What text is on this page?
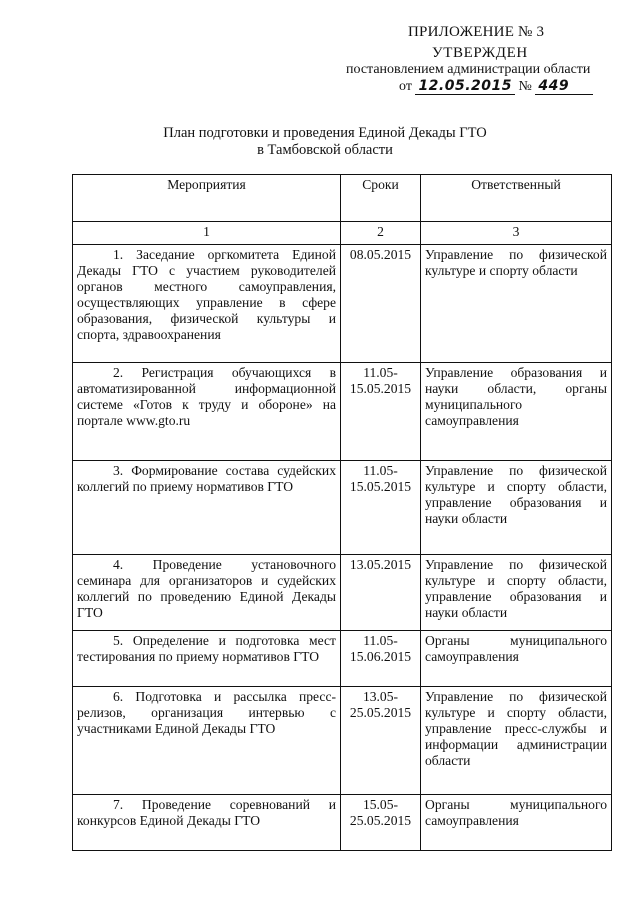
ПРИЛОЖЕНИЕ № 3
УТВЕРЖДЕН
постановлением администрации области
от 12.05.2015 № 449
План подготовки и проведения Единой Декады ГТО
в Тамбовской области
Мероприятия	Сроки	Ответственный
1	2	3
1. Заседание оргкомитета Единой Декады ГТО с участием руководителей органов местного самоуправления, осуществляющих управление в сфере образования, физической культуры и спорта, здравоохранения	08.05.2015	Управление по физической культуре и спорту области
2. Регистрация обучающихся в автоматизированной информационной системе «Готов к труду и обороне» на портале www.gto.ru	11.05-15.05.2015	Управление образования и науки области, органы муниципального самоуправления
3. Формирование состава судейских коллегий по приему нормативов ГТО	11.05-15.05.2015	Управление по физической культуре и спорту области, управление образования и науки области
4. Проведение установочного семинара для организаторов и судейских коллегий по проведению Единой Декады ГТО	13.05.2015	Управление по физической культуре и спорту области, управление образования и науки области
5. Определение и подготовка мест тестирования по приему нормативов ГТО	11.05-15.06.2015	Органы муниципального самоуправления
6. Подготовка и рассылка пресс-релизов, организация интервью с участниками Единой Декады ГТО	13.05-25.05.2015	Управление по физической культуре и спорту области, управление пресс-службы и информации администрации области
7. Проведение соревнований и конкурсов Единой Декады ГТО	15.05-25.05.2015	Органы муниципального самоуправления
